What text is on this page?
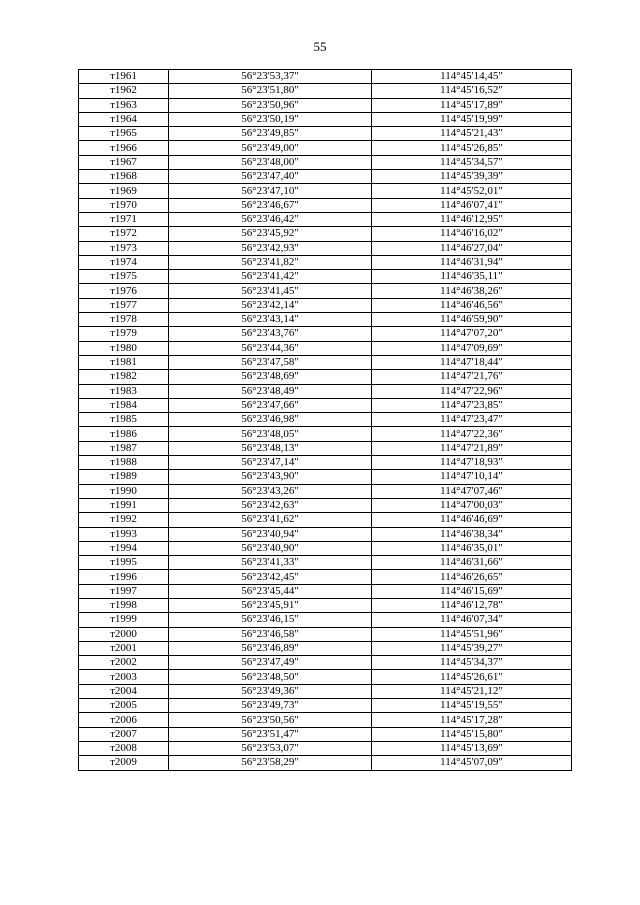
55
т1961	56°23'53,37"	114°45'14,45"
т1962	56°23'51,80"	114°45'16,52"
т1963	56°23'50,96"	114°45'17,89"
т1964	56°23'50,19"	114°45'19,99"
т1965	56°23'49,85"	114°45'21,43"
т1966	56°23'49,00"	114°45'26,85"
т1967	56°23'48,00"	114°45'34,57"
т1968	56°23'47,40"	114°45'39,39"
т1969	56°23'47,10"	114°45'52,01"
т1970	56°23'46,67"	114°46'07,41"
т1971	56°23'46,42"	114°46'12,95"
т1972	56°23'45,92"	114°46'16,02"
т1973	56°23'42,93"	114°46'27,04"
т1974	56°23'41,82"	114°46'31,94"
т1975	56°23'41,42"	114°46'35,11"
т1976	56°23'41,45"	114°46'38,26"
т1977	56°23'42,14"	114°46'46,56"
т1978	56°23'43,14"	114°46'59,90"
т1979	56°23'43,76"	114°47'07,20"
т1980	56°23'44,36"	114°47'09,69"
т1981	56°23'47,58"	114°47'18,44"
т1982	56°23'48,69"	114°47'21,76"
т1983	56°23'48,49"	114°47'22,96"
т1984	56°23'47,66"	114°47'23,85"
т1985	56°23'46,98"	114°47'23,47"
т1986	56°23'48,05"	114°47'22,36"
т1987	56°23'48,13"	114°47'21,89"
т1988	56°23'47,14"	114°47'18,93"
т1989	56°23'43,90"	114°47'10,14"
т1990	56°23'43,26"	114°47'07,46"
т1991	56°23'42,63"	114°47'00,03"
т1992	56°23'41,62"	114°46'46,69"
т1993	56°23'40,94"	114°46'38,34"
т1994	56°23'40,90"	114°46'35,01"
т1995	56°23'41,33"	114°46'31,66"
т1996	56°23'42,45"	114°46'26,65"
т1997	56°23'45,44"	114°46'15,69"
т1998	56°23'45,91"	114°46'12,78"
т1999	56°23'46,15"	114°46'07,34"
т2000	56°23'46,58"	114°45'51,96"
т2001	56°23'46,89"	114°45'39,27"
т2002	56°23'47,49"	114°45'34,37"
т2003	56°23'48,50"	114°45'26,61"
т2004	56°23'49,36"	114°45'21,12"
т2005	56°23'49,73"	114°45'19,55"
т2006	56°23'50,56"	114°45'17,28"
т2007	56°23'51,47"	114°45'15,80"
т2008	56°23'53,07"	114°45'13,69"
т2009	56°23'58,29"	114°45'07,09"
